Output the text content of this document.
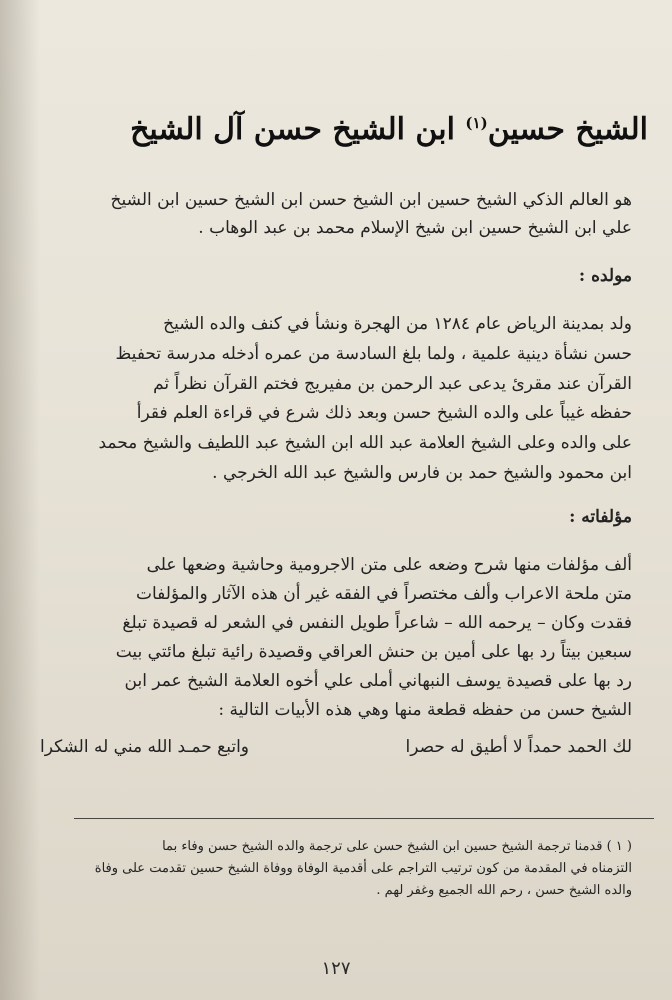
الشيخ حسين$^{(١)}$ ابن الشيخ حسن آل الشيخ
هو العالم الذكي الشيخ حسين ابن الشيخ حسن ابن الشيخ حسين ابن الشيخ
علي ابن الشيخ حسين ابن شيخ الإسلام محمد بن عبد الوهاب .
مولده :
ولد بمدينة الرياض عام ١٢٨٤ من الهجرة ونشأ في كنف والده الشيخ
حسن نشأة دينية علمية ، ولما بلغ السادسة من عمره أدخله مدرسة تحفيظ
القرآن عند مقرئ يدعى عبد الرحمن بن مفيريج فختم القرآن نظراً ثم
حفظه غيباً على والده الشيخ حسن وبعد ذلك شرع في قراءة العلم فقرأ
على والده وعلى الشيخ العلامة عبد الله ابن الشيخ عبد اللطيف والشيخ محمد
ابن محمود والشيخ حمد بن فارس والشيخ عبد الله الخرجي .
مؤلفاته :
ألف مؤلفات منها شرح وضعه على متن الاجرومية وحاشية وضعها على
متن ملحة الاعراب وألف مختصراً في الفقه غير أن هذه الآثار والمؤلفات
فقدت وكان – يرحمه الله – شاعراً طويل النفس في الشعر له قصيدة تبلغ
سبعين بيتاً رد بها على أمين بن حنش العراقي وقصيدة رائية تبلغ مائتي بيت
رد بها على قصيدة يوسف النبهاني أملى علي أخوه العلامة الشيخ عمر ابن
الشيخ حسن من حفظه قطعة منها وهي هذه الأبيات التالية :
لك الحمد حمداً لا أطيق له حصرا
واتبع حمـد الله مني له الشكرا
( ١ ) قدمنا ترجمة الشيخ حسين ابن الشيخ حسن على ترجمة والده الشيخ حسن وفاء بما
التزمناه في المقدمة من كون ترتيب التراجم على أقدمية الوفاة ووفاة الشيخ حسين تقدمت على وفاة
والده الشيخ حسن ، رحم الله الجميع وغفر لهم .
١٢٧
